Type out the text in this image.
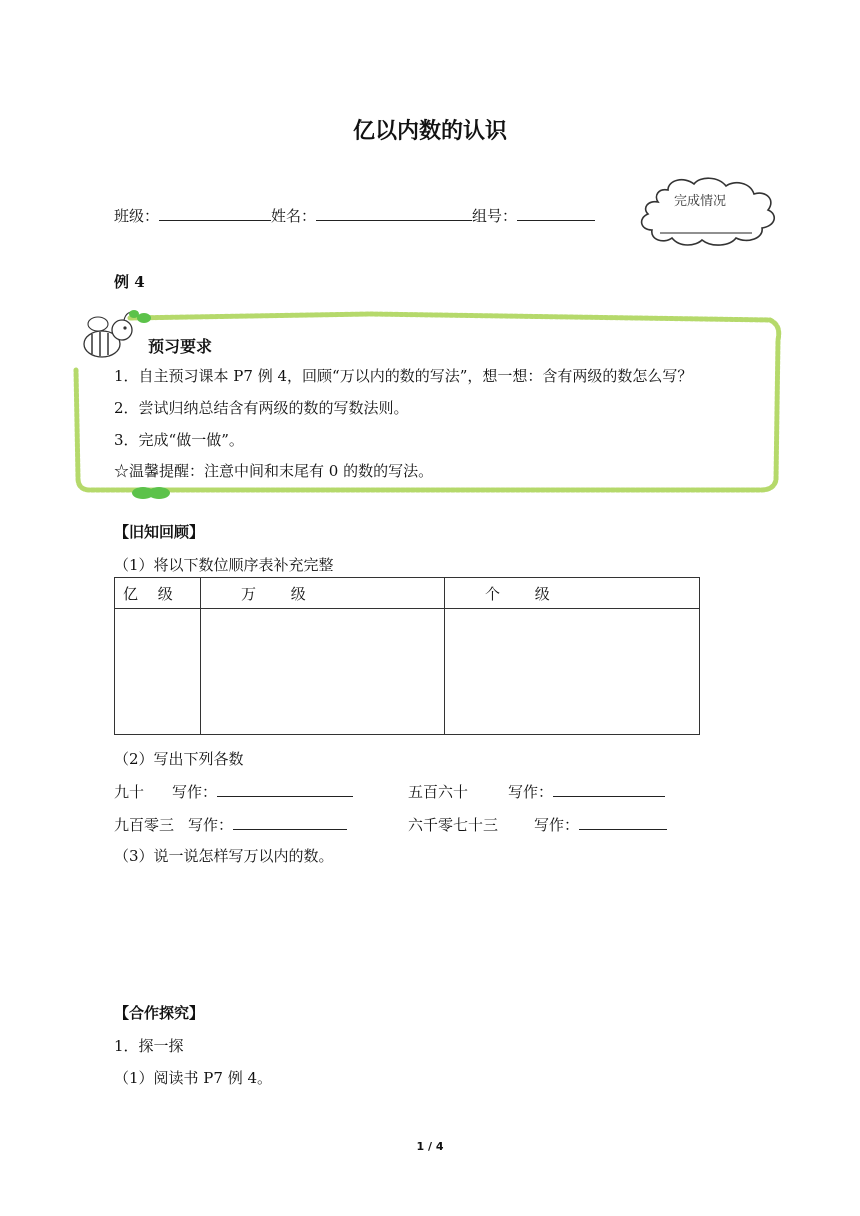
亿以内数的认识
班级：	姓名：	组号：
完成情况
例 4
预习要求
1．自主预习课本 P7 例 4，回顾“万以内的数的写法”，想一想：含有两级的数怎么写？
2．尝试归纳总结含有两级的数的写数法则。
3．完成“做一做”。
☆温馨提醒：注意中间和末尾有 0 的数的写法。
【旧知回顾】
（1）将以下数位顺序表补充完整
亿　 级	万　　 级	个　　 级

（2）写出下列各数
九十 写作：	五百六十	写作：
九百零三 写作：	六千零七十三 写作：
（3）说一说怎样写万以内的数。
【合作探究】
1．探一探
（1）阅读书 P7 例 4。
1 / 4
